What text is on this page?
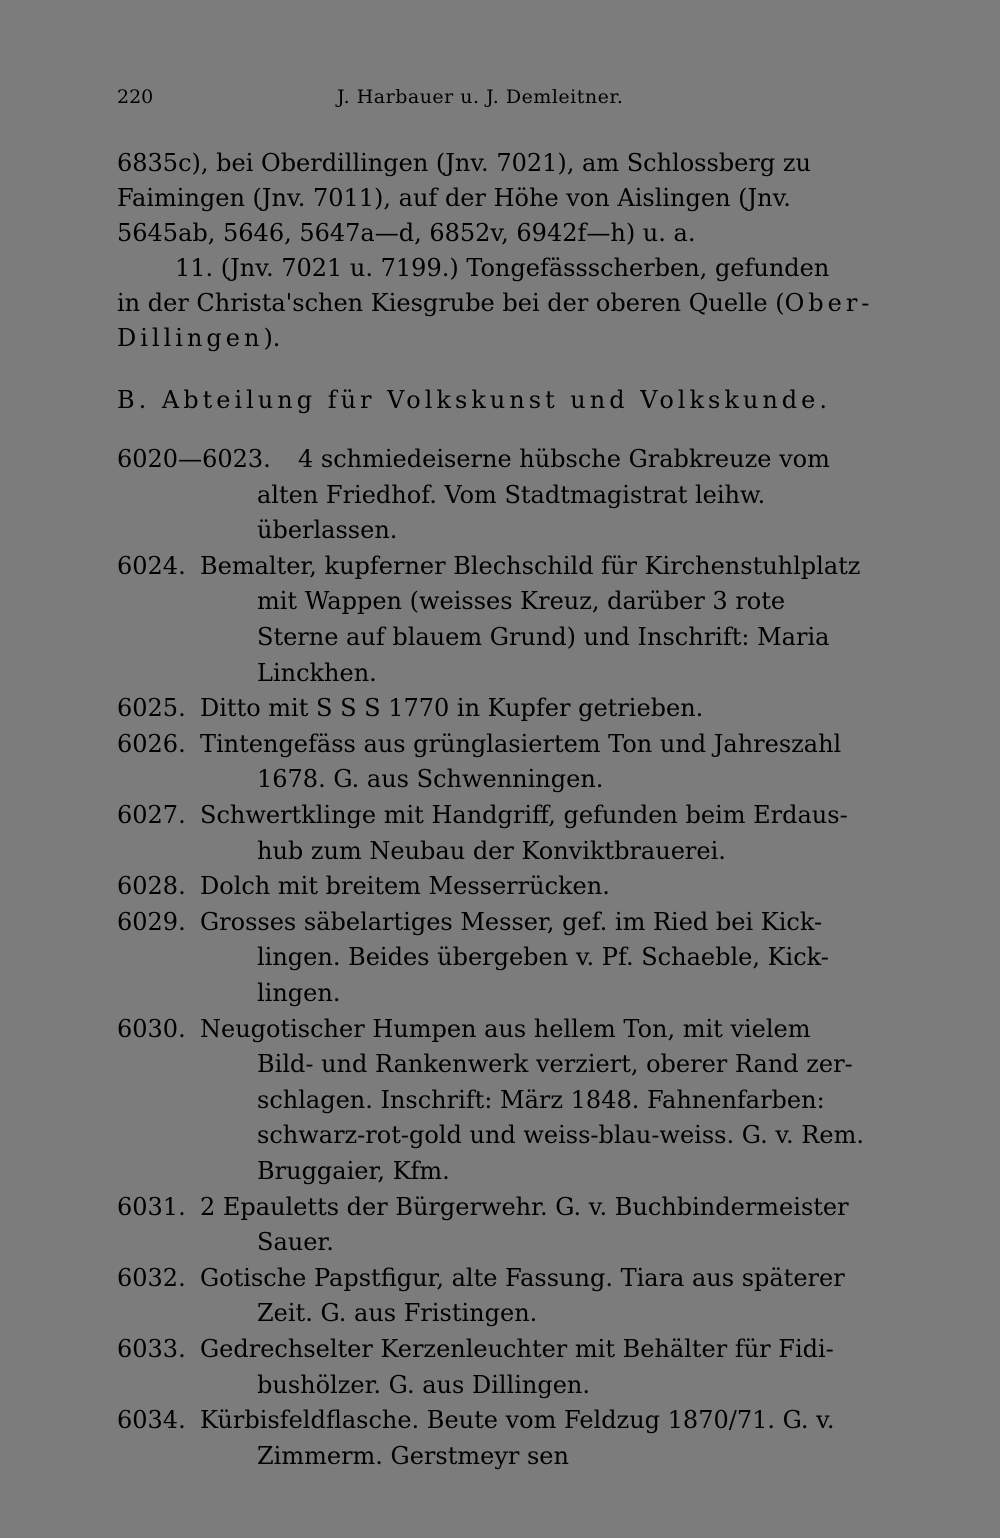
220	J. Harbauer u. J. Demleitner.
6835c), bei Oberdillingen (Jnv. 7021), am Schlossberg zu
Faimingen (Jnv. 7011), auf der Höhe von Aislingen (Jnv.
5645ab, 5646, 5647a—d, 6852v, 6942f—h) u. a.
11. (Jnv. 7021 u. 7199.) Tongefässscherben, gefunden
in der Christa'schen Kiesgrube bei der oberen Quelle (Ober-
Dillingen).
B. Abteilung für Volkskunst und Volkskunde.
6020—6023. 4 schmiedeiserne hübsche Grabkreuze vom
alten Friedhof. Vom Stadtmagistrat leihw.
überlassen.
6024. Bemalter, kupferner Blechschild für Kirchenstuhlplatz
mit Wappen (weisses Kreuz, darüber 3 rote
Sterne auf blauem Grund) und Inschrift: Maria
Linckhen.
6025. Ditto mit S S S 1770 in Kupfer getrieben.
6026. Tintengefäss aus grünglasiertem Ton und Jahreszahl
1678. G. aus Schwenningen.
6027. Schwertklinge mit Handgriff, gefunden beim Erdaus-
hub zum Neubau der Konviktbrauerei.
6028. Dolch mit breitem Messerrücken.
6029. Grosses säbelartiges Messer, gef. im Ried bei Kick-
lingen. Beides übergeben v. Pf. Schaeble, Kick-
lingen.
6030. Neugotischer Humpen aus hellem Ton, mit vielem
Bild- und Rankenwerk verziert, oberer Rand zer-
schlagen. Inschrift: März 1848. Fahnenfarben:
schwarz-rot-gold und weiss-blau-weiss. G. v. Rem.
Bruggaier, Kfm.
6031. 2 Epauletts der Bürgerwehr. G. v. Buchbindermeister
Sauer.
6032. Gotische Papstfigur, alte Fassung. Tiara aus späterer
Zeit. G. aus Fristingen.
6033. Gedrechselter Kerzenleuchter mit Behälter für Fidi-
bushölzer. G. aus Dillingen.
6034. Kürbisfeldflasche. Beute vom Feldzug 1870/71. G. v.
Zimmerm. Gerstmeyr sen
